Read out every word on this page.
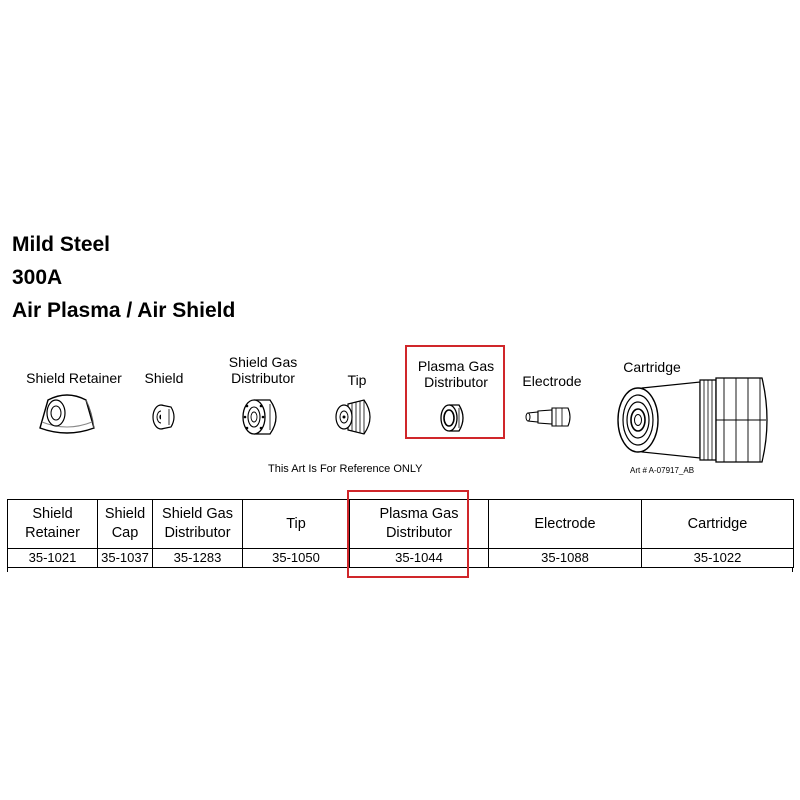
Mild Steel
300A
Air Plasma / Air Shield
Shield Retainer	Shield
Shield Gas
Distributor	Tip
Plasma Gas
Distributor	Electrode
Cartridge
This Art Is For Reference ONLY	Art # A-07917_AB
Shield
Retainer	Shield
Cap	Shield Gas
Distributor	Tip	Plasma Gas
Distributor	Electrode	Cartridge
35-1021	35-1037	35-1283	35-1050	35-1044	35-1088	35-1022
